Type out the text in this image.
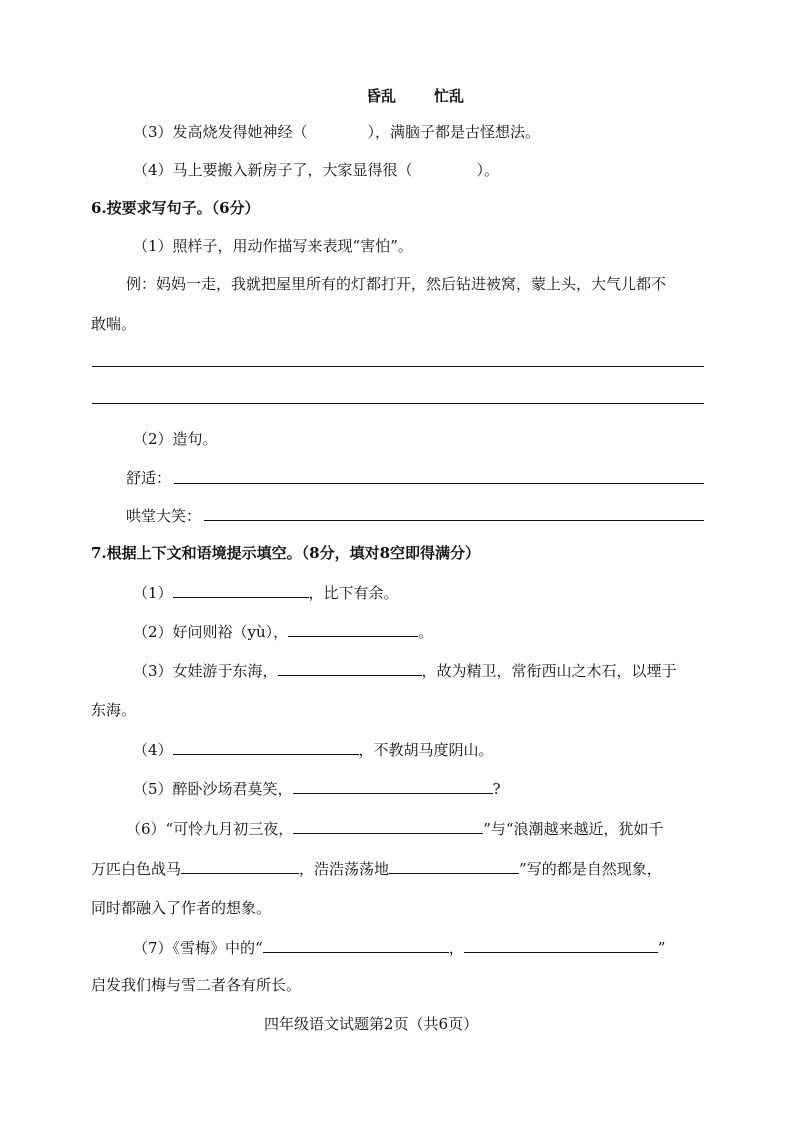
昏乱	忙乱
（3）发高烧发得她神经（	），满脑子都是古怪想法。
（4）马上要搬入新房子了，大家显得很（	）。
6.按要求写句子。（6分）
（1）照样子，用动作描写来表现“害怕”。
例：妈妈一走，我就把屋里所有的灯都打开，然后钻进被窝，蒙上头，大气儿都不
敢喘。
（2）造句。
舒适：
哄堂大笑：
7.根据上下文和语境提示填空。（8分，填对8空即得满分）
（1）	，比下有余。
（2）好问则裕（yù），	。
（3）女娃游于东海，	，故为精卫，常衔西山之木石，以堙于
东海。
（4）	，不教胡马度阴山。
（5）醉卧沙场君莫笑，	?
（6）“可怜九月初三夜，	”与“浪潮越来越近，犹如千
万匹白色战马	，浩浩荡荡地	”写的都是自然现象，
同时都融入了作者的想象。
（7）《雪梅》中的“	，	”
启发我们梅与雪二者各有所长。
四年级语文试题第2页（共6页）
